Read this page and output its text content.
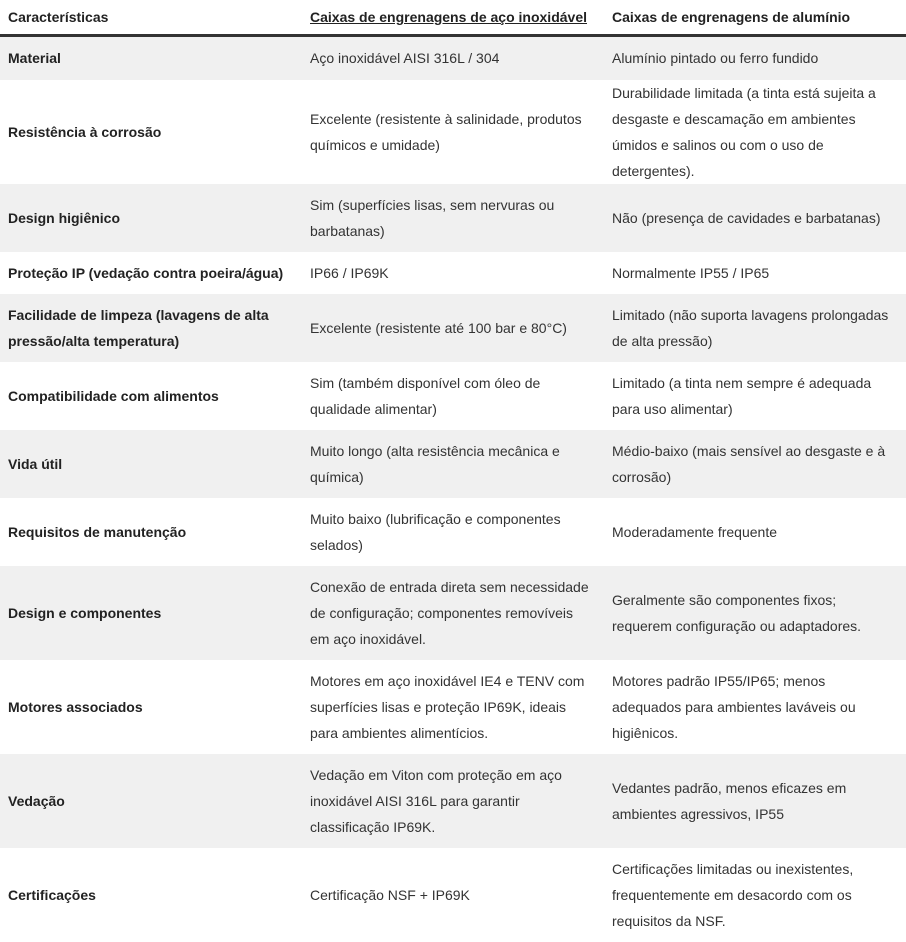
Características	Caixas de engrenagens de aço inoxidável	Caixas de engrenagens de alumínio
Material	Aço inoxidável AISI 316L / 304	Alumínio pintado ou ferro fundido
Resistência à corrosão	Excelente (resistente à salinidade, produtos químicos e umidade)	Durabilidade limitada (a tinta está sujeita a desgaste e descamação em ambientes úmidos e salinos ou com o uso de detergentes).
Design higiênico	Sim (superfícies lisas, sem nervuras ou barbatanas)	Não (presença de cavidades e barbatanas)
Proteção IP (vedação contra poeira/água)	IP66 / IP69K	Normalmente IP55 / IP65
Facilidade de limpeza (lavagens de alta pressão/alta temperatura)	Excelente (resistente até 100 bar e 80°C)	Limitado (não suporta lavagens prolongadas de alta pressão)
Compatibilidade com alimentos	Sim (também disponível com óleo de qualidade alimentar)	Limitado (a tinta nem sempre é adequada para uso alimentar)
Vida útil	Muito longo (alta resistência mecânica e química)	Médio-baixo (mais sensível ao desgaste e à corrosão)
Requisitos de manutenção	Muito baixo (lubrificação e componentes selados)	Moderadamente frequente
Design e componentes	Conexão de entrada direta sem necessidade de configuração; componentes removíveis em aço inoxidável.	Geralmente são componentes fixos; requerem configuração ou adaptadores.
Motores associados	Motores em aço inoxidável IE4 e TENV com superfícies lisas e proteção IP69K, ideais para ambientes alimentícios.	Motores padrão IP55/IP65; menos adequados para ambientes laváveis ou higiênicos.
Vedação	Vedação em Viton com proteção em aço inoxidável AISI 316L para garantir classificação IP69K.	Vedantes padrão, menos eficazes em ambientes agressivos, IP55
Certificações	Certificação NSF + IP69K	Certificações limitadas ou inexistentes, frequentemente em desacordo com os requisitos da NSF.
